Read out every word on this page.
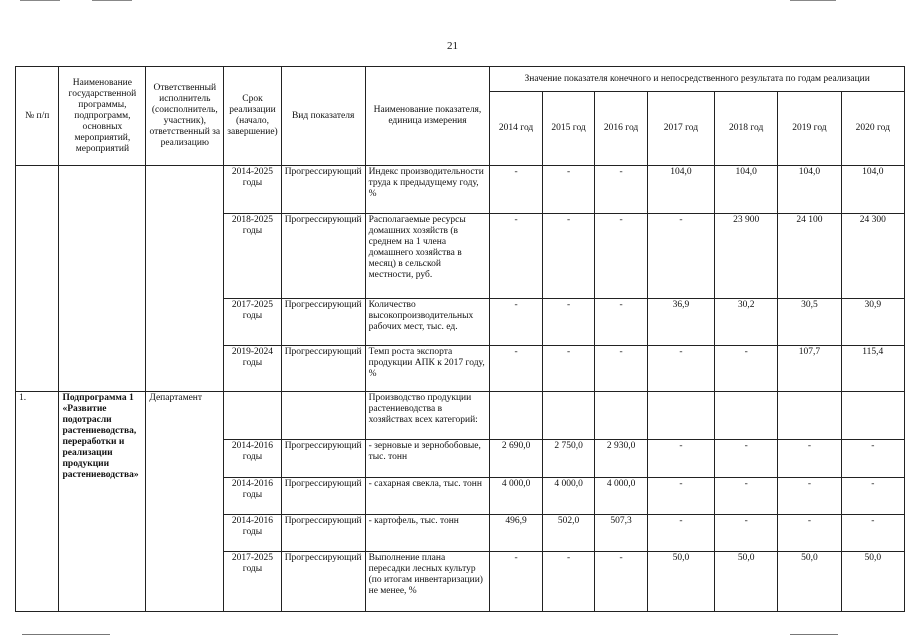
21
№ п/п	Наименование государственной программы, подпрограмм, основных мероприятий, мероприятий	Ответственный исполнитель (соисполнитель, участник), ответственный за реализацию	Срок реализации (начало, завершение)	Вид показателя	Наименование показателя, единица измерения	Значение показателя конечного и непосредственного результата по годам реализации						
						2014 год	2015 год	2016 год	2017 год	2018 год	2019 год	2020 год
			2014-2025 годы	Прогрессирующий	Индекс производительности труда к предыдущему году, %	-	-	-	104,0	104,0	104,0	104,0
			2018-2025 годы	Прогрессирующий	Располагаемые ресурсы домашних хозяйств (в среднем на 1 члена домашнего хозяйства в месяц) в сельской местности, руб.	-	-	-	-	23 900	24 100	24 300
			2017-2025 годы	Прогрессирующий	Количество высокопроизводительных рабочих мест, тыс. ед.	-	-	-	36,9	30,2	30,5	30,9
			2019-2024 годы	Прогрессирующий	Темп роста экспорта продукции АПК к 2017 году, %	-	-	-	-	-	107,7	115,4
1.	Подпрограмма 1 «Развитие подотрасли растениеводства, переработки и реализации продукции растениеводства»	Департамент			Производство продукции растениеводства в хозяйствах всех категорий:							
			2014-2016 годы	Прогрессирующий	- зерновые и зернобобовые, тыс. тонн	2 690,0	2 750,0	2 930,0	-	-	-	-
			2014-2016 годы	Прогрессирующий	- сахарная свекла, тыс. тонн	4 000,0	4 000,0	4 000,0	-	-	-	-
			2014-2016 годы	Прогрессирующий	- картофель, тыс. тонн	496,9	502,0	507,3	-	-	-	-
			2017-2025 годы	Прогрессирующий	Выполнение плана пересадки лесных культур (по итогам инвентаризации) не менее, %	-	-	-	50,0	50,0	50,0	50,0
